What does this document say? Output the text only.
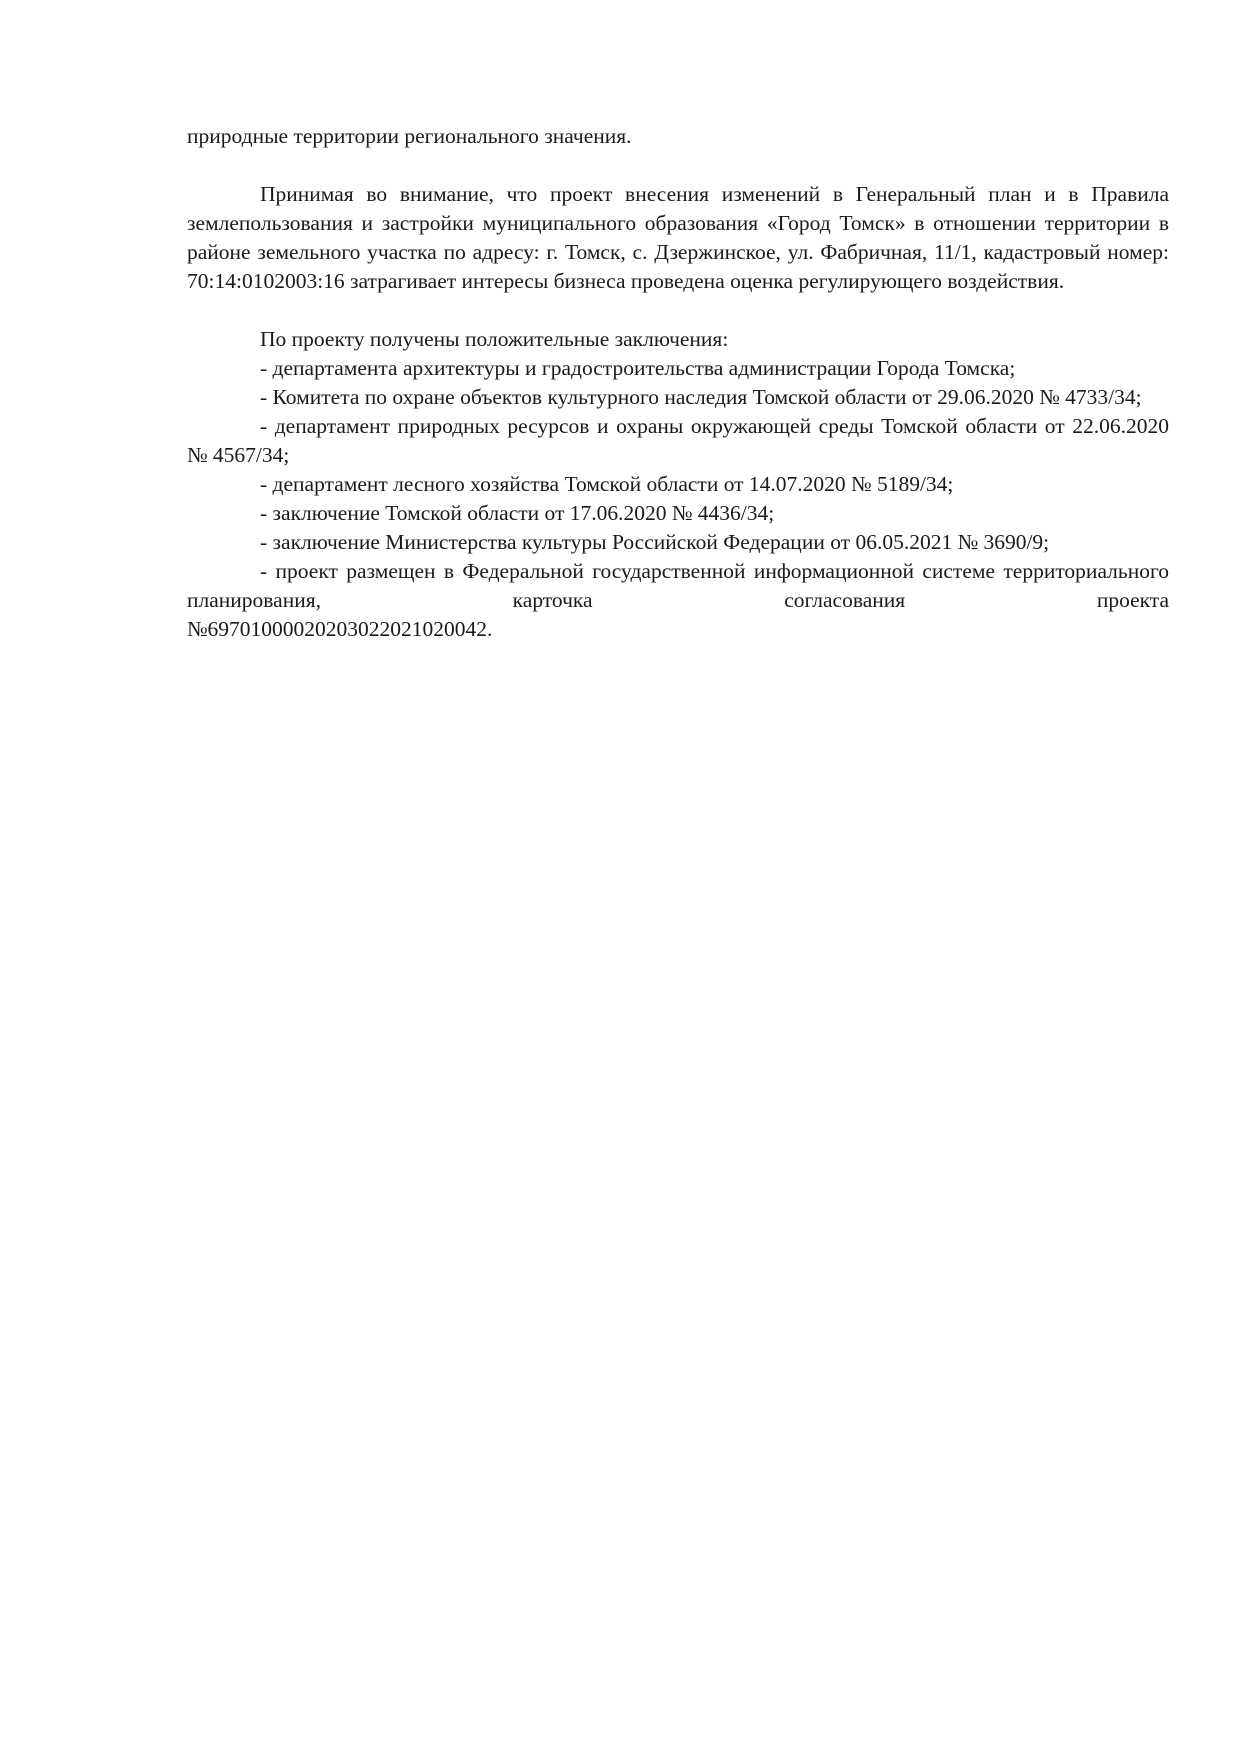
природные территории регионального значения.

Принимая во внимание, что проект внесения изменений в Генеральный план и в Правила землепользования и застройки муниципального образования «Город Томск» в отношении территории в районе земельного участка по адресу: г. Томск, с. Дзержинское, ул. Фабричная, 11/1, кадастровый номер: 70:14:0102003:16 затрагивает интересы бизнеса проведена оценка регулирующего воздействия.

По проекту получены положительные заключения:

- департамента архитектуры и градостроительства администрации Города Томска;

- Комитета по охране объектов культурного наследия Томской области от 29.06.2020 № 4733/34;

- департамент природных ресурсов и охраны окружающей среды Томской области от 22.06.2020 № 4567/34;

- департамент лесного хозяйства Томской области от 14.07.2020 № 5189/34;

- заключение Томской области от 17.06.2020 № 4436/34;

- заключение Министерства культуры Российской Федерации от 06.05.2021 № 3690/9;

- проект размещен в Федеральной государственной информационной системе территориального планирования, карточка согласования проекта

№69701000020203022021020042.
